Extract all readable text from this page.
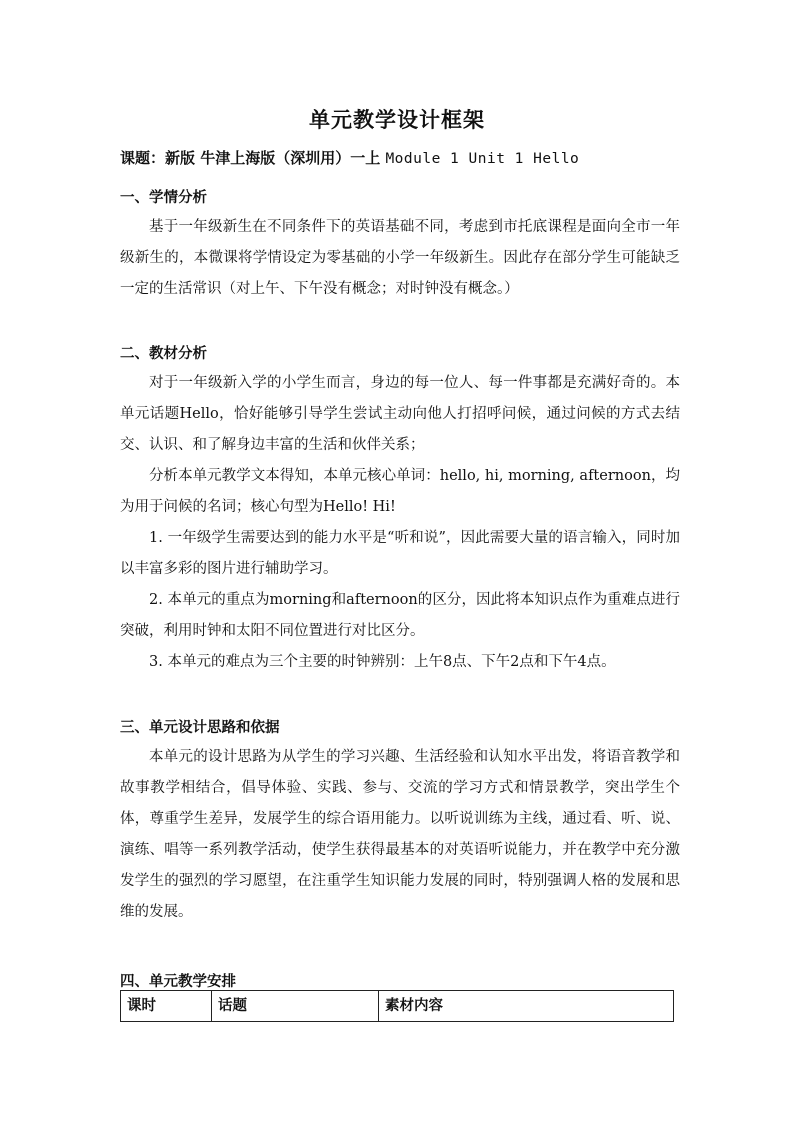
单元教学设计框架
课题：新版 牛津上海版（深圳用）一上 Module 1 Unit 1 Hello
一、学情分析
基于一年级新生在不同条件下的英语基础不同，考虑到市托底课程是面向全市一年级新生的，本微课将学情设定为零基础的小学一年级新生。因此存在部分学生可能缺乏一定的生活常识（对上午、下午没有概念；对时钟没有概念。）
二、教材分析
对于一年级新入学的小学生而言，身边的每一位人、每一件事都是充满好奇的。本单元话题Hello，恰好能够引导学生尝试主动向他人打招呼问候，通过问候的方式去结交、认识、和了解身边丰富的生活和伙伴关系；
分析本单元教学文本得知，本单元核心单词：hello, hi, morning, afternoon，均为用于问候的名词；核心句型为Hello! Hi!
1. 一年级学生需要达到的能力水平是“听和说”，因此需要大量的语言输入，同时加以丰富多彩的图片进行辅助学习。
2. 本单元的重点为morning和afternoon的区分，因此将本知识点作为重难点进行突破，利用时钟和太阳不同位置进行对比区分。
3. 本单元的难点为三个主要的时钟辨别：上午8点、下午2点和下午4点。
三、单元设计思路和依据
本单元的设计思路为从学生的学习兴趣、生活经验和认知水平出发，将语音教学和故事教学相结合，倡导体验、实践、参与、交流的学习方式和情景教学，突出学生个体，尊重学生差异，发展学生的综合语用能力。以听说训练为主线，通过看、听、说、演练、唱等一系列教学活动，使学生获得最基本的对英语听说能力，并在教学中充分激发学生的强烈的学习愿望，在注重学生知识能力发展的同时，特别强调人格的发展和思维的发展。
四、单元教学安排
课时	话题	素材内容
